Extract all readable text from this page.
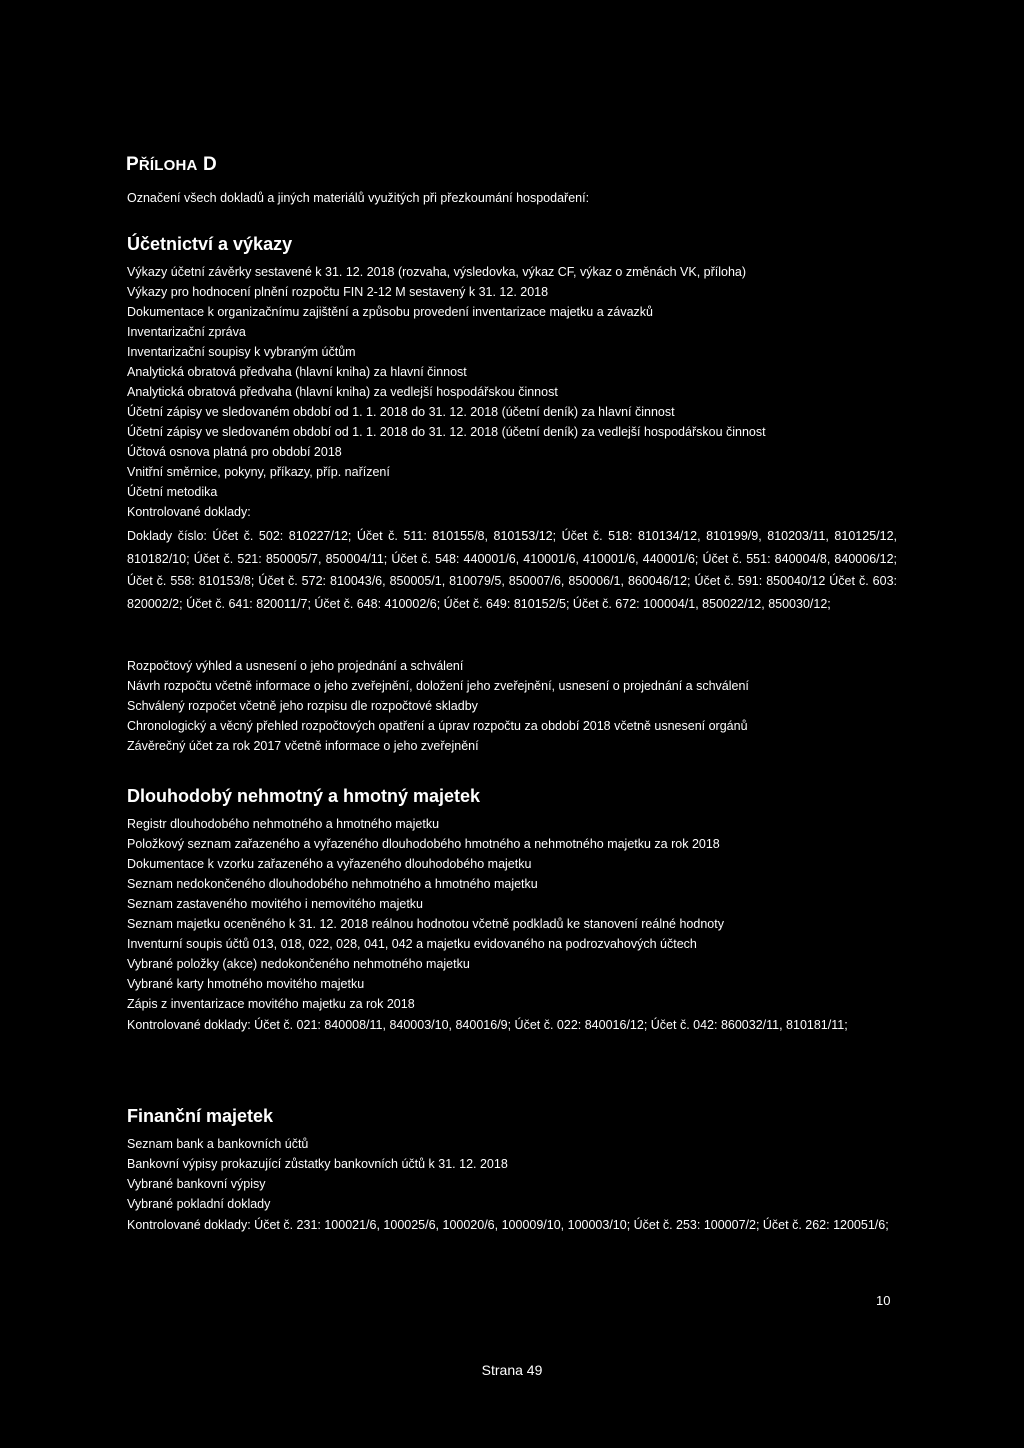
PŘÍLOHA D

Označení všech dokladů a jiných materiálů využitých při přezkoumání hospodaření:

Účetnictví a výkazy
Výkazy účetní závěrky sestavené k 31. 12. 2018 (rozvaha, výsledovka, výkaz CF, výkaz o změnách VK, příloha)
Výkazy pro hodnocení plnění rozpočtu FIN 2-12 M sestavený k 31. 12. 2018
Dokumentace k organizačnímu zajištění a způsobu provedení inventarizace majetku a závazků
Inventarizační zpráva
Inventarizační soupisy k vybraným účtům
Analytická obratová předvaha (hlavní kniha) za hlavní činnost
Analytická obratová předvaha (hlavní kniha) za vedlejší hospodářskou činnost
Účetní zápisy ve sledovaném období od 1. 1. 2018 do 31. 12. 2018 (účetní deník) za hlavní činnost
Účetní zápisy ve sledovaném období od 1. 1. 2018 do 31. 12. 2018 (účetní deník) za vedlejší hospodářskou činnost
Účtová osnova platná pro období 2018
Vnitřní směrnice, pokyny, příkazy, příp. nařízení
Účetní metodika
Kontrolované doklady:

Doklady číslo: Účet č. 502: 810227/12; Účet č. 511: 810155/8, 810153/12; Účet č. 518: 810134/12, 810199/9, 810203/11, 810125/12, 810182/10; Účet č. 521: 850005/7, 850004/11; Účet č. 548: 440001/6, 410001/6, 410001/6, 440001/6; Účet č. 551: 840004/8, 840006/12; Účet č. 558: 810153/8; Účet č. 572: 810043/6, 850005/1, 810079/5, 850007/6, 850006/1, 860046/12; Účet č. 591: 850040/12 Účet č. 603: 820002/2; Účet č. 641: 820011/7; Účet č. 648: 410002/6; Účet č. 649: 810152/5; Účet č. 672: 100004/1, 850022/12, 850030/12;

Rozpočtový výhled a usnesení o jeho projednání a schválení
Návrh rozpočtu včetně informace o jeho zveřejnění, doložení jeho zveřejnění, usnesení o projednání a schválení
Schválený rozpočet včetně jeho rozpisu dle rozpočtové skladby
Chronologický a věcný přehled rozpočtových opatření a úprav rozpočtu za období 2018 včetně usnesení orgánů
Závěrečný účet za rok 2017 včetně informace o jeho zveřejnění
Dlouhodobý nehmotný a hmotný majetek
Registr dlouhodobého nehmotného a hmotného majetku
Položkový seznam zařazeného a vyřazeného dlouhodobého hmotného a nehmotného majetku za rok 2018
Dokumentace k vzorku zařazeného a vyřazeného dlouhodobého majetku
Seznam nedokončeného dlouhodobého nehmotného a hmotného majetku
Seznam zastaveného movitého i nemovitého majetku
Seznam majetku oceněného k 31. 12. 2018 reálnou hodnotou včetně podkladů ke stanovení reálné hodnoty
Inventurní soupis účtů 013, 018, 022, 028, 041, 042 a majetku evidovaného na podrozvahových účtech
Vybrané položky (akce) nedokončeného nehmotného majetku
Vybrané karty hmotného movitého majetku
Zápis z inventarizace movitého majetku za rok 2018

Kontrolované doklady: Účet č. 021: 840008/11, 840003/10, 840016/9; Účet č. 022: 840016/12; Účet č. 042: 860032/11, 810181/11;

Finanční majetek
Seznam bank a bankovních účtů
Bankovní výpisy prokazující zůstatky bankovních účtů k 31. 12. 2018
Vybrané bankovní výpisy
Vybrané pokladní doklady

Kontrolované doklady: Účet č. 231: 100021/6, 100025/6, 100020/6, 100009/10, 100003/10; Účet č. 253: 100007/2; Účet č. 262: 120051/6;

10

Strana 49
